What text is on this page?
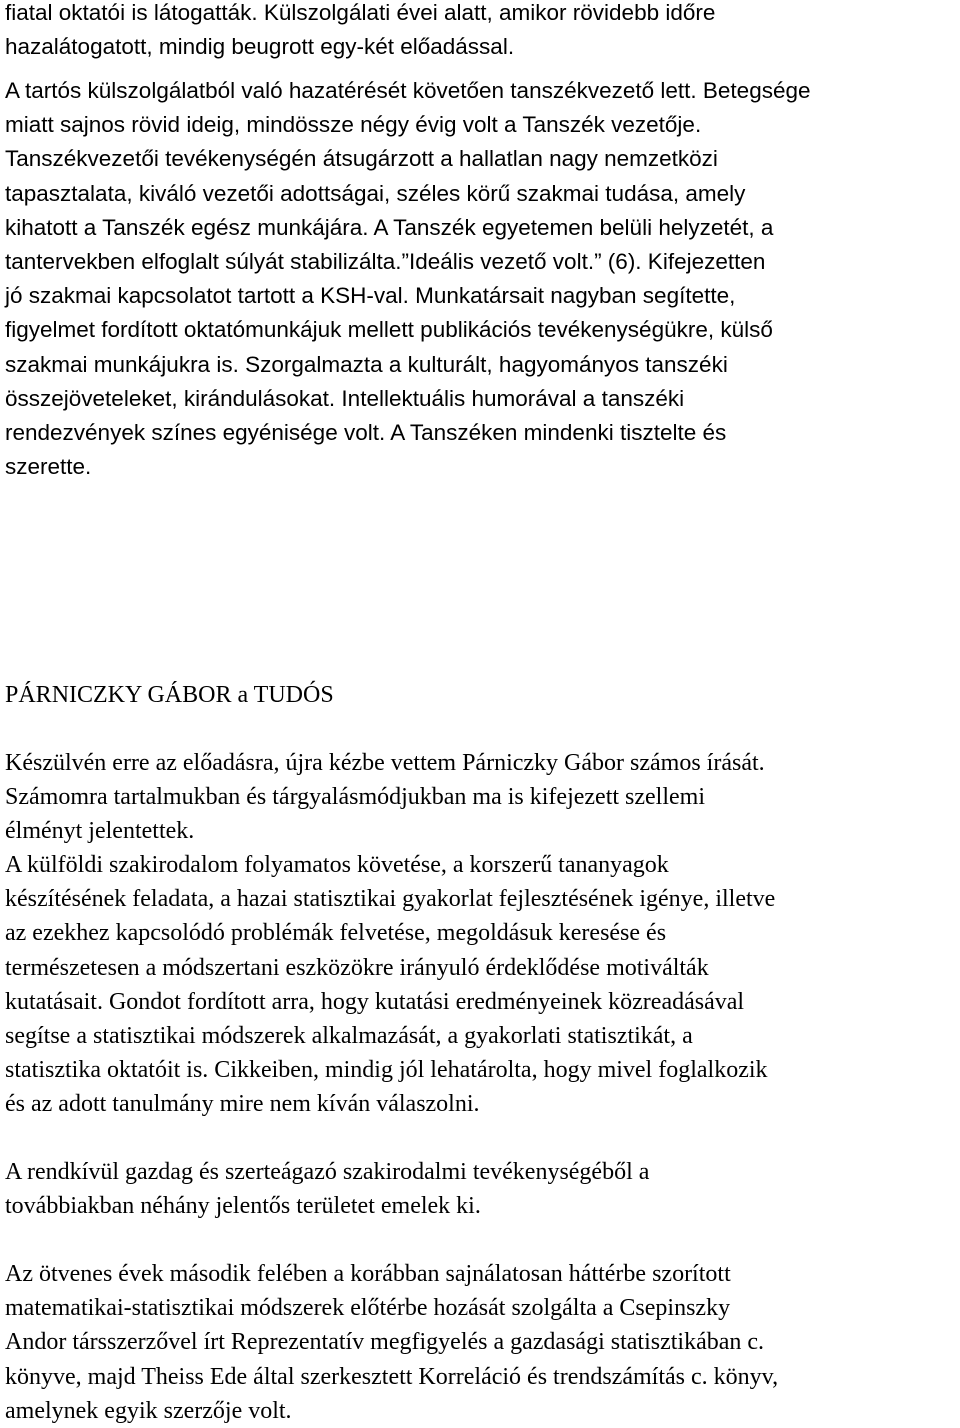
fiatal oktatói is látogatták. Külszolgálati évei alatt, amikor rövidebb időre
hazalátogatott, mindig beugrott egy-két előadással.

A tartós külszolgálatból való hazatérését követően tanszékvezető lett. Betegsége
miatt sajnos rövid ideig, mindössze négy évig volt a Tanszék vezetője.
Tanszékvezetői tevékenységén átsugárzott a hallatlan nagy nemzetközi
tapasztalata, kiváló vezetői adottságai, széles körű szakmai tudása, amely
kihatott a Tanszék egész munkájára. A Tanszék egyetemen belüli helyzetét, a
tantervekben elfoglalt súlyát stabilizálta.”Ideális vezető volt.” (6). Kifejezetten
jó szakmai kapcsolatot tartott a KSH-val. Munkatársait nagyban segítette,
figyelmet fordított oktatómunkájuk mellett publikációs tevékenységükre, külső
szakmai munkájukra is. Szorgalmazta a kulturált, hagyományos tanszéki
összejöveteleket, kirándulásokat. Intellektuális humorával a tanszéki
rendezvények színes egyénisége volt. A Tanszéken mindenki tisztelte és
szerette.

PÁRNICZKY GÁBOR a TUDÓS

Készülvén erre az előadásra, újra kézbe vettem Párniczky Gábor számos írását.
Számomra tartalmukban és tárgyalásmódjukban ma is kifejezett szellemi
élményt jelentettek.

A külföldi szakirodalom folyamatos követése, a korszerű tananyagok
készítésének feladata, a hazai statisztikai gyakorlat fejlesztésének igénye, illetve
az ezekhez kapcsolódó problémák felvetése, megoldásuk keresése és
természetesen a módszertani eszközökre irányuló érdeklődése motiválták
kutatásait. Gondot fordított arra, hogy kutatási eredményeinek közreadásával
segítse a statisztikai módszerek alkalmazását, a gyakorlati statisztikát, a
statisztika oktatóit is. Cikkeiben, mindig jól lehatárolta, hogy mivel foglalkozik
és az adott tanulmány mire nem kíván válaszolni.

A rendkívül gazdag és szerteágazó szakirodalmi tevékenységéből a
továbbiakban néhány jelentős területet emelek ki.

Az ötvenes évek második felében a korábban sajnálatosan háttérbe szorított
matematikai-statisztikai módszerek előtérbe hozását szolgálta a Csepinszky
Andor társszerzővel írt Reprezentatív megfigyelés a gazdasági statisztikában c.
könyve, majd Theiss Ede által szerkesztett Korreláció és trendszámítás c. könyv,
amelynek egyik szerzője volt.
